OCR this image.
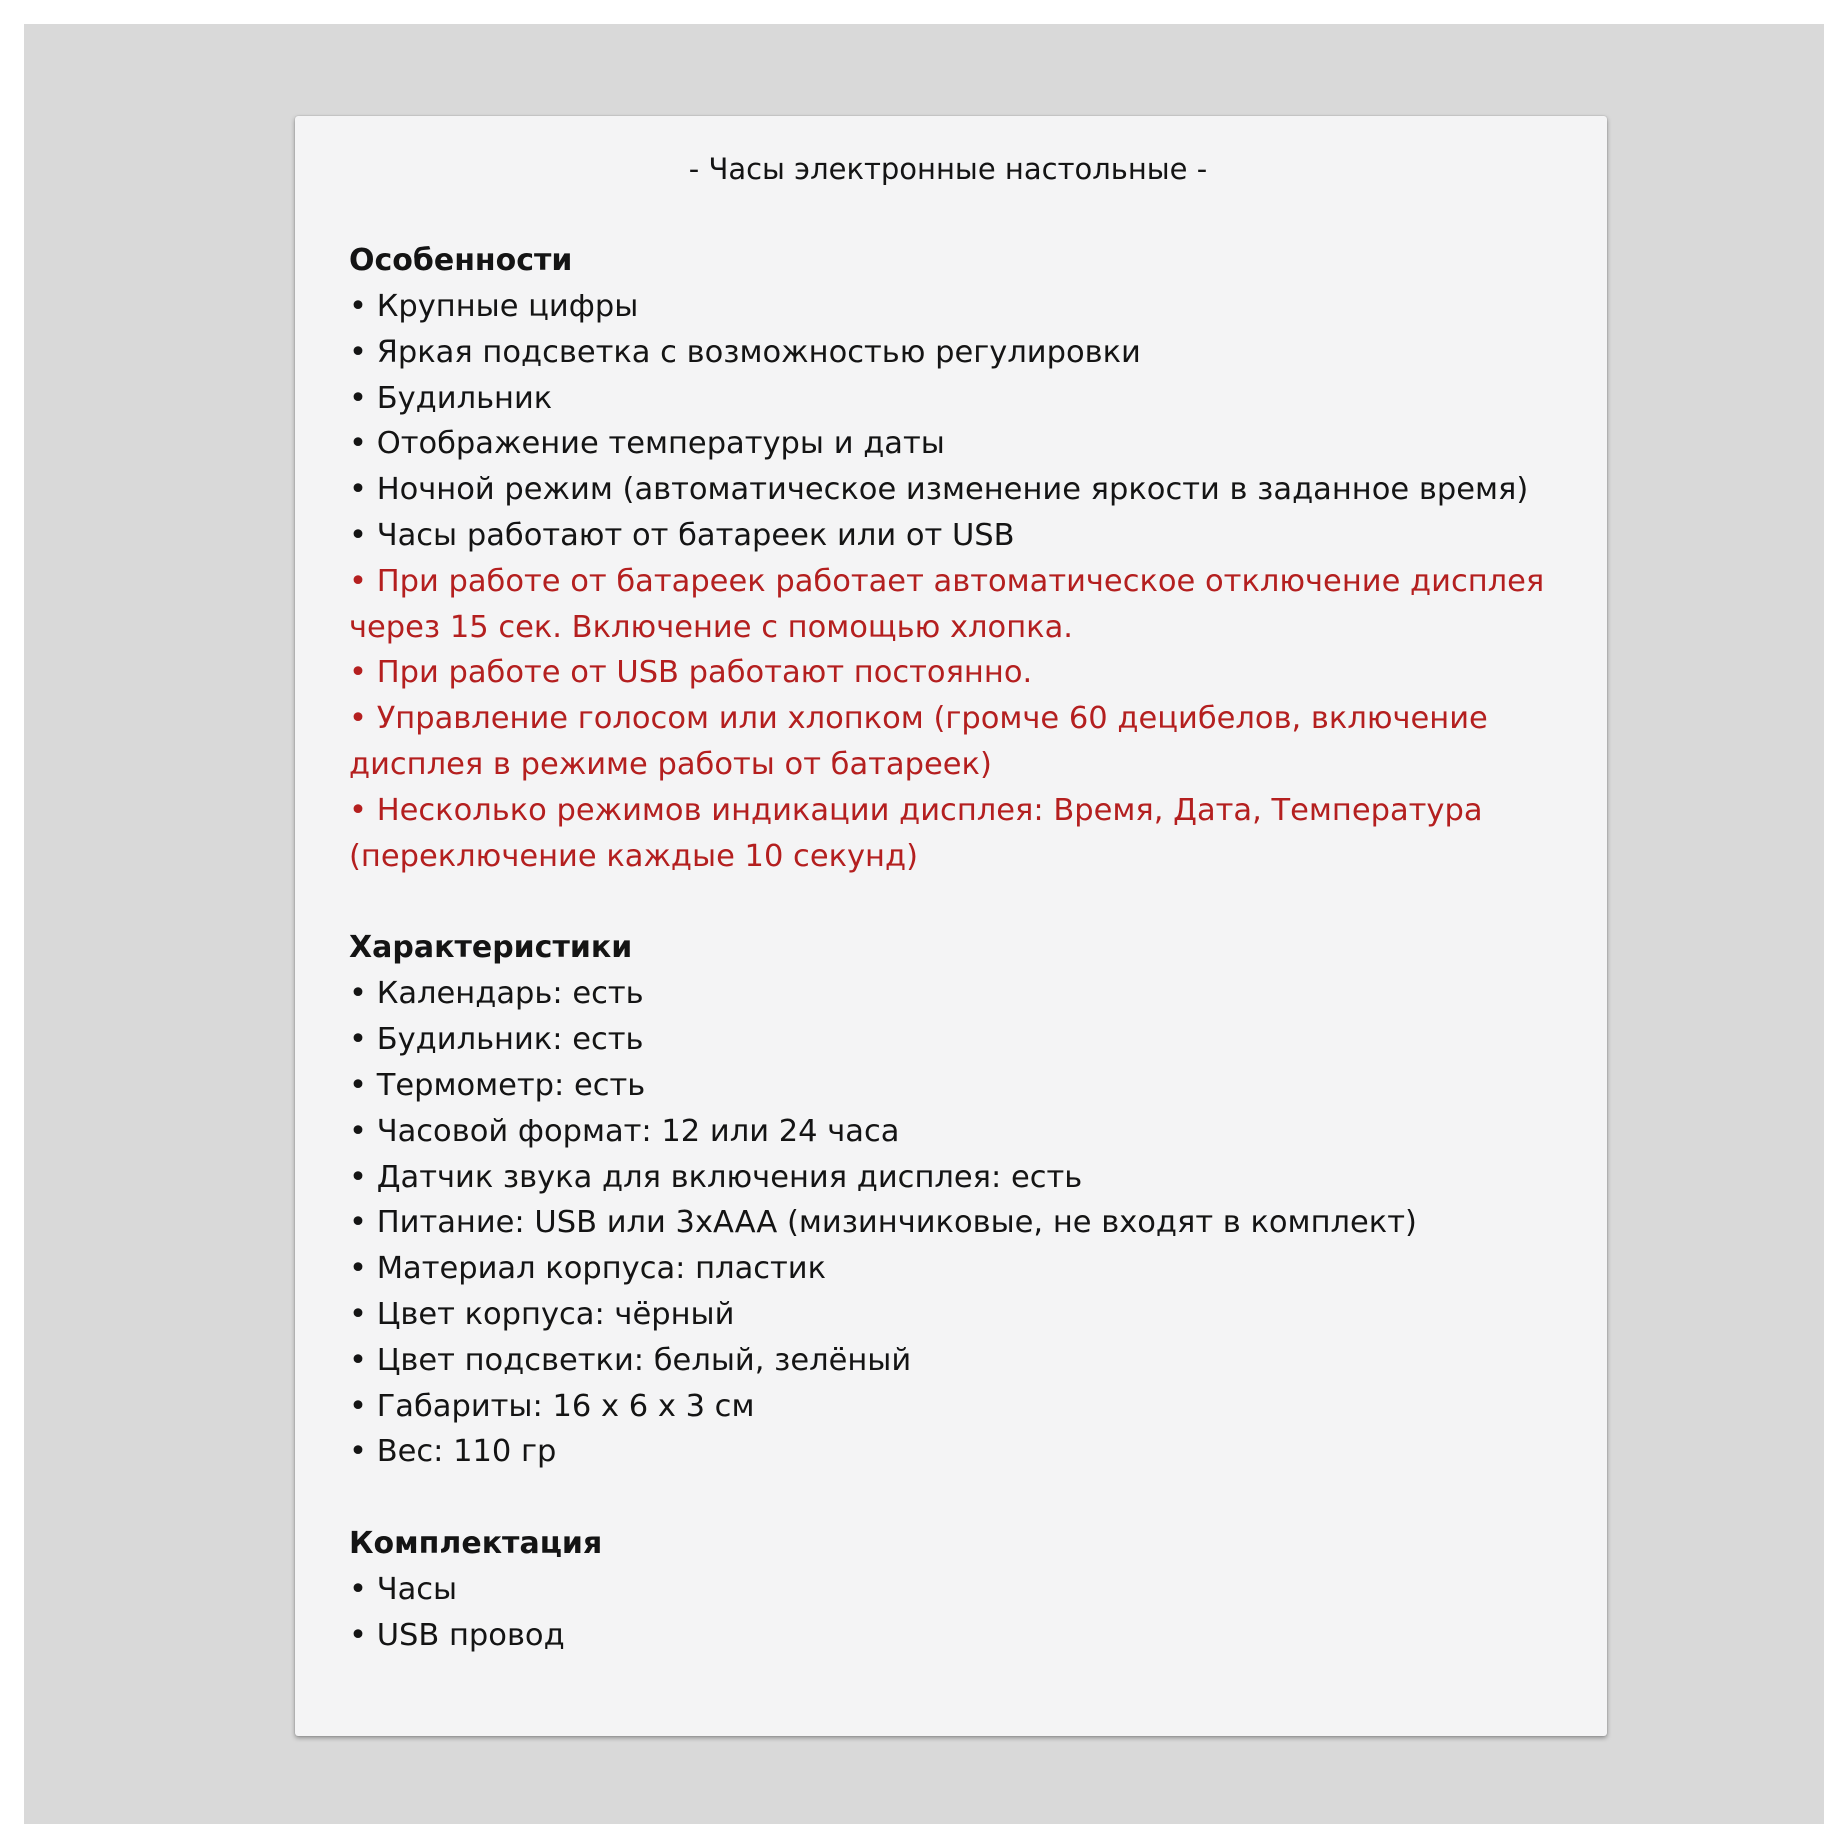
- Часы электронные настольные -
Особенности
• Крупные цифры
• Яркая подсветка с возможностью регулировки
• Будильник
• Отображение температуры и даты
• Ночной режим (автоматическое изменение яркости в заданное время)
• Часы работают от батареек или от USB
• При работе от батареек работает автоматическое отключение дисплея через 15 сек. Включение с помощью хлопка.
• При работе от USB работают постоянно.
• Управление голосом или хлопком (громче 60 децибелов, включение дисплея в режиме работы от батареек)
• Несколько режимов индикации дисплея: Время, Дата, Температура (переключение каждые 10 секунд)
Характеристики
• Календарь: есть
• Будильник: есть
• Термометр: есть
• Часовой формат: 12 или 24 часа
• Датчик звука для включения дисплея: есть
• Питание: USB или 3xAAA (мизинчиковые, не входят в комплект)
• Материал корпуса: пластик
• Цвет корпуса: чёрный
• Цвет подсветки: белый, зелёный
• Габариты: 16 x 6 x 3 см
• Вес: 110 гр
Комплектация
• Часы
• USB провод
